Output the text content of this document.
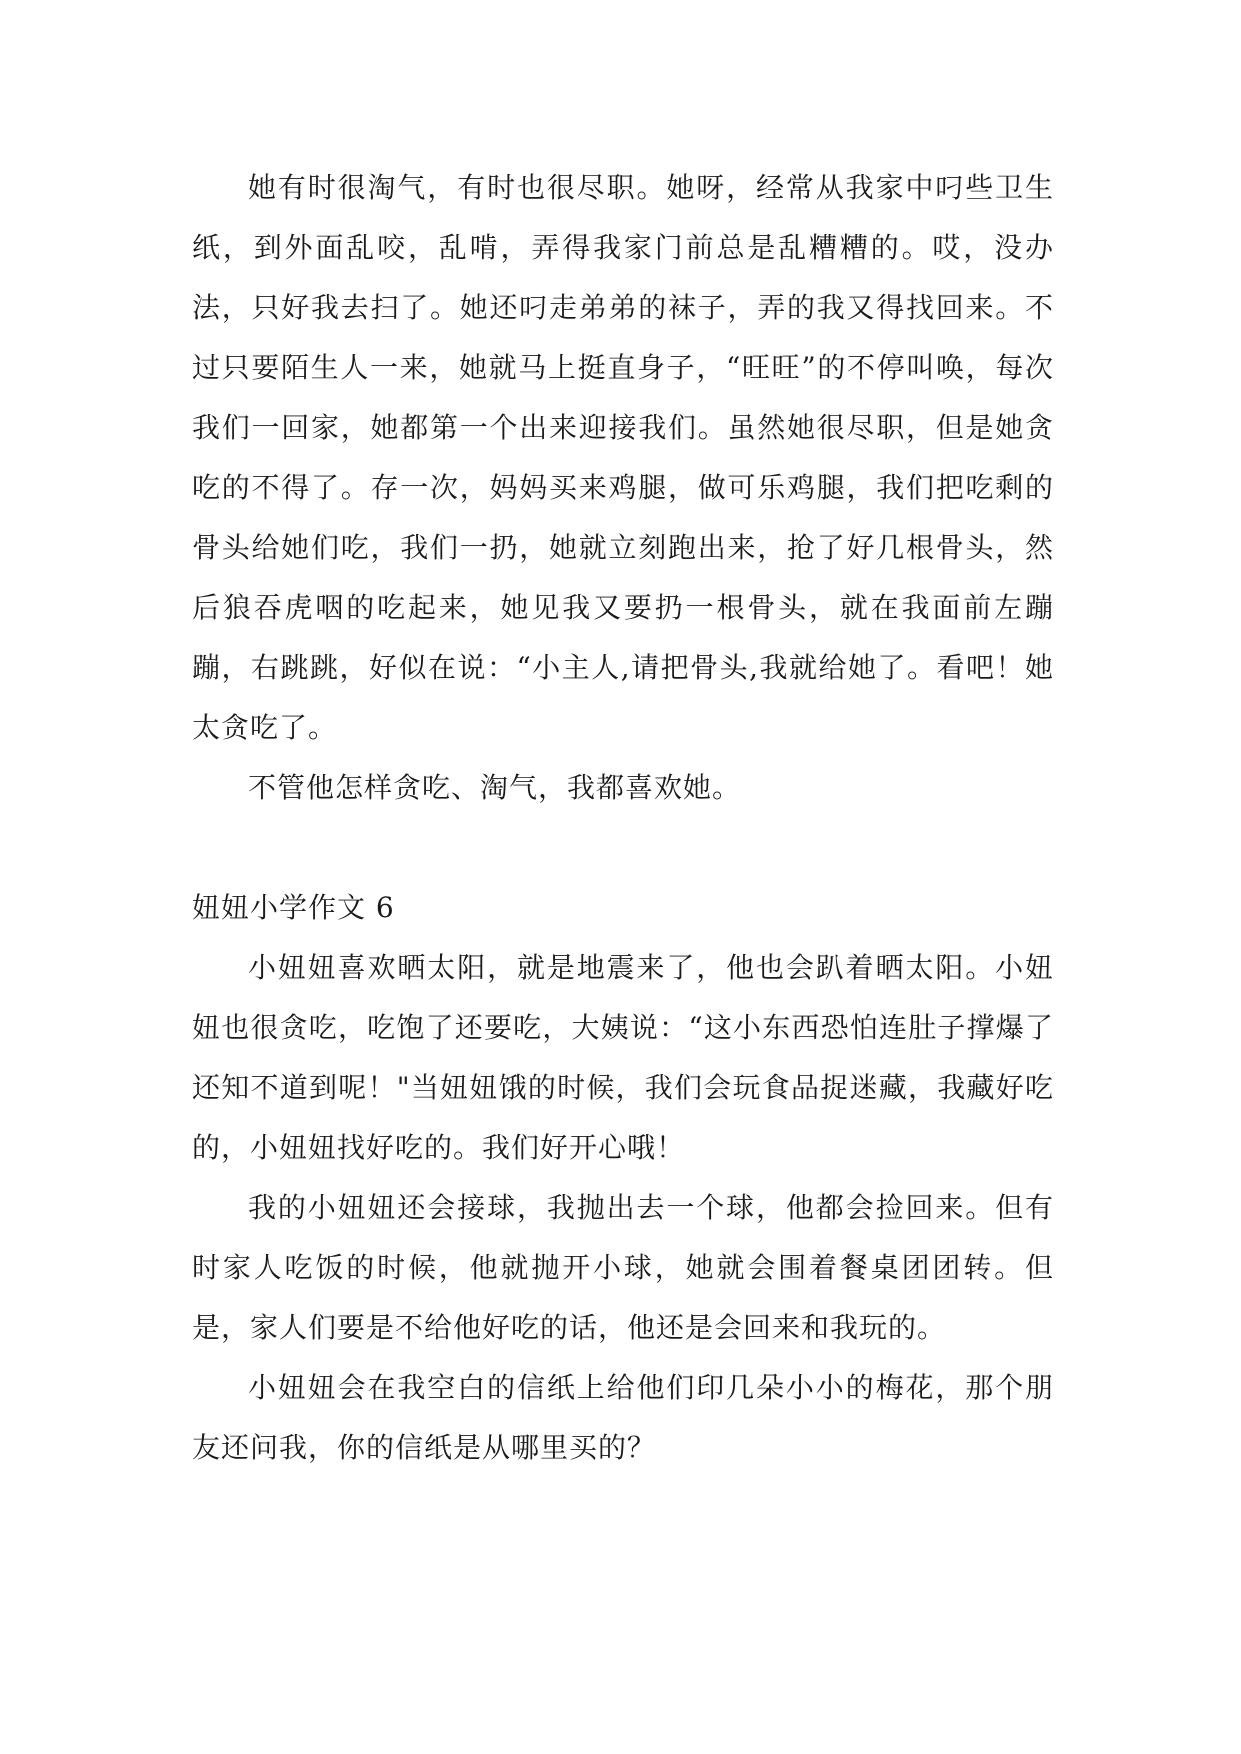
她有时很淘气，有时也很尽职。她呀，经常从我家中叼些卫生纸，到外面乱咬，乱啃，弄得我家门前总是乱糟糟的。哎，没办法，只好我去扫了。她还叼走弟弟的袜子，弄的我又得找回来。不过只要陌生人一来，她就马上挺直身子，“旺旺”的不停叫唤，每次我们一回家，她都第一个出来迎接我们。虽然她很尽职，但是她贪吃的不得了。存一次，妈妈买来鸡腿，做可乐鸡腿，我们把吃剩的骨头给她们吃，我们一扔，她就立刻跑出来，抢了好几根骨头，然后狼吞虎咽的吃起来，她见我又要扔一根骨头，就在我面前左蹦蹦，右跳跳，好似在说：“小主人,请把骨头,我就给她了。看吧！她太贪吃了。

不管他怎样贪吃、淘气，我都喜欢她。

妞妞小学作文 6

小妞妞喜欢晒太阳，就是地震来了，他也会趴着晒太阳。小妞妞也很贪吃，吃饱了还要吃，大姨说：“这小东西恐怕连肚子撑爆了还知不道到呢！"当妞妞饿的时候，我们会玩食品捉迷藏，我藏好吃的，小妞妞找好吃的。我们好开心哦！

我的小妞妞还会接球，我抛出去一个球，他都会捡回来。但有时家人吃饭的时候，他就抛开小球，她就会围着餐桌团团转。但是，家人们要是不给他好吃的话，他还是会回来和我玩的。

小妞妞会在我空白的信纸上给他们印几朵小小的梅花，那个朋友还问我，你的信纸是从哪里买的？
